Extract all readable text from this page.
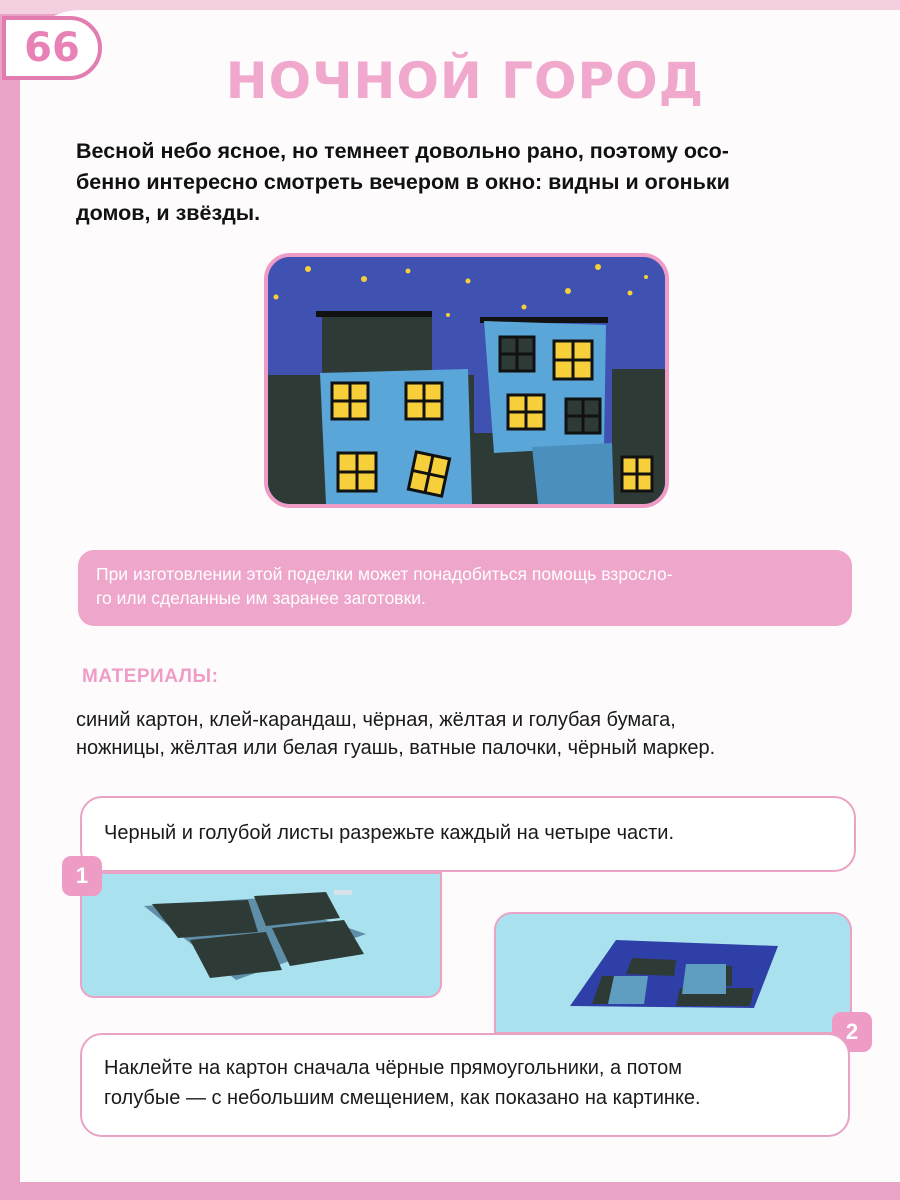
66
НОЧНОЙ ГОРОД
Весной небо ясное, но темнеет довольно рано, поэтому осо-
бенно интересно смотреть вечером в окно: видны и огоньки
домов, и звёзды.
При изготовлении этой поделки может понадобиться помощь взросло-
го или сделанные им заранее заготовки.
МАТЕРИАЛЫ:
синий картон, клей-карандаш, чёрная, жёлтая и голубая бумага,
ножницы, жёлтая или белая гуашь, ватные палочки, чёрный маркер.
Черный и голубой листы разрежьте каждый на четыре части.
1
2
Наклейте на картон сначала чёрные прямоугольники, а потом
голубые — с небольшим смещением, как показано на картинке.
